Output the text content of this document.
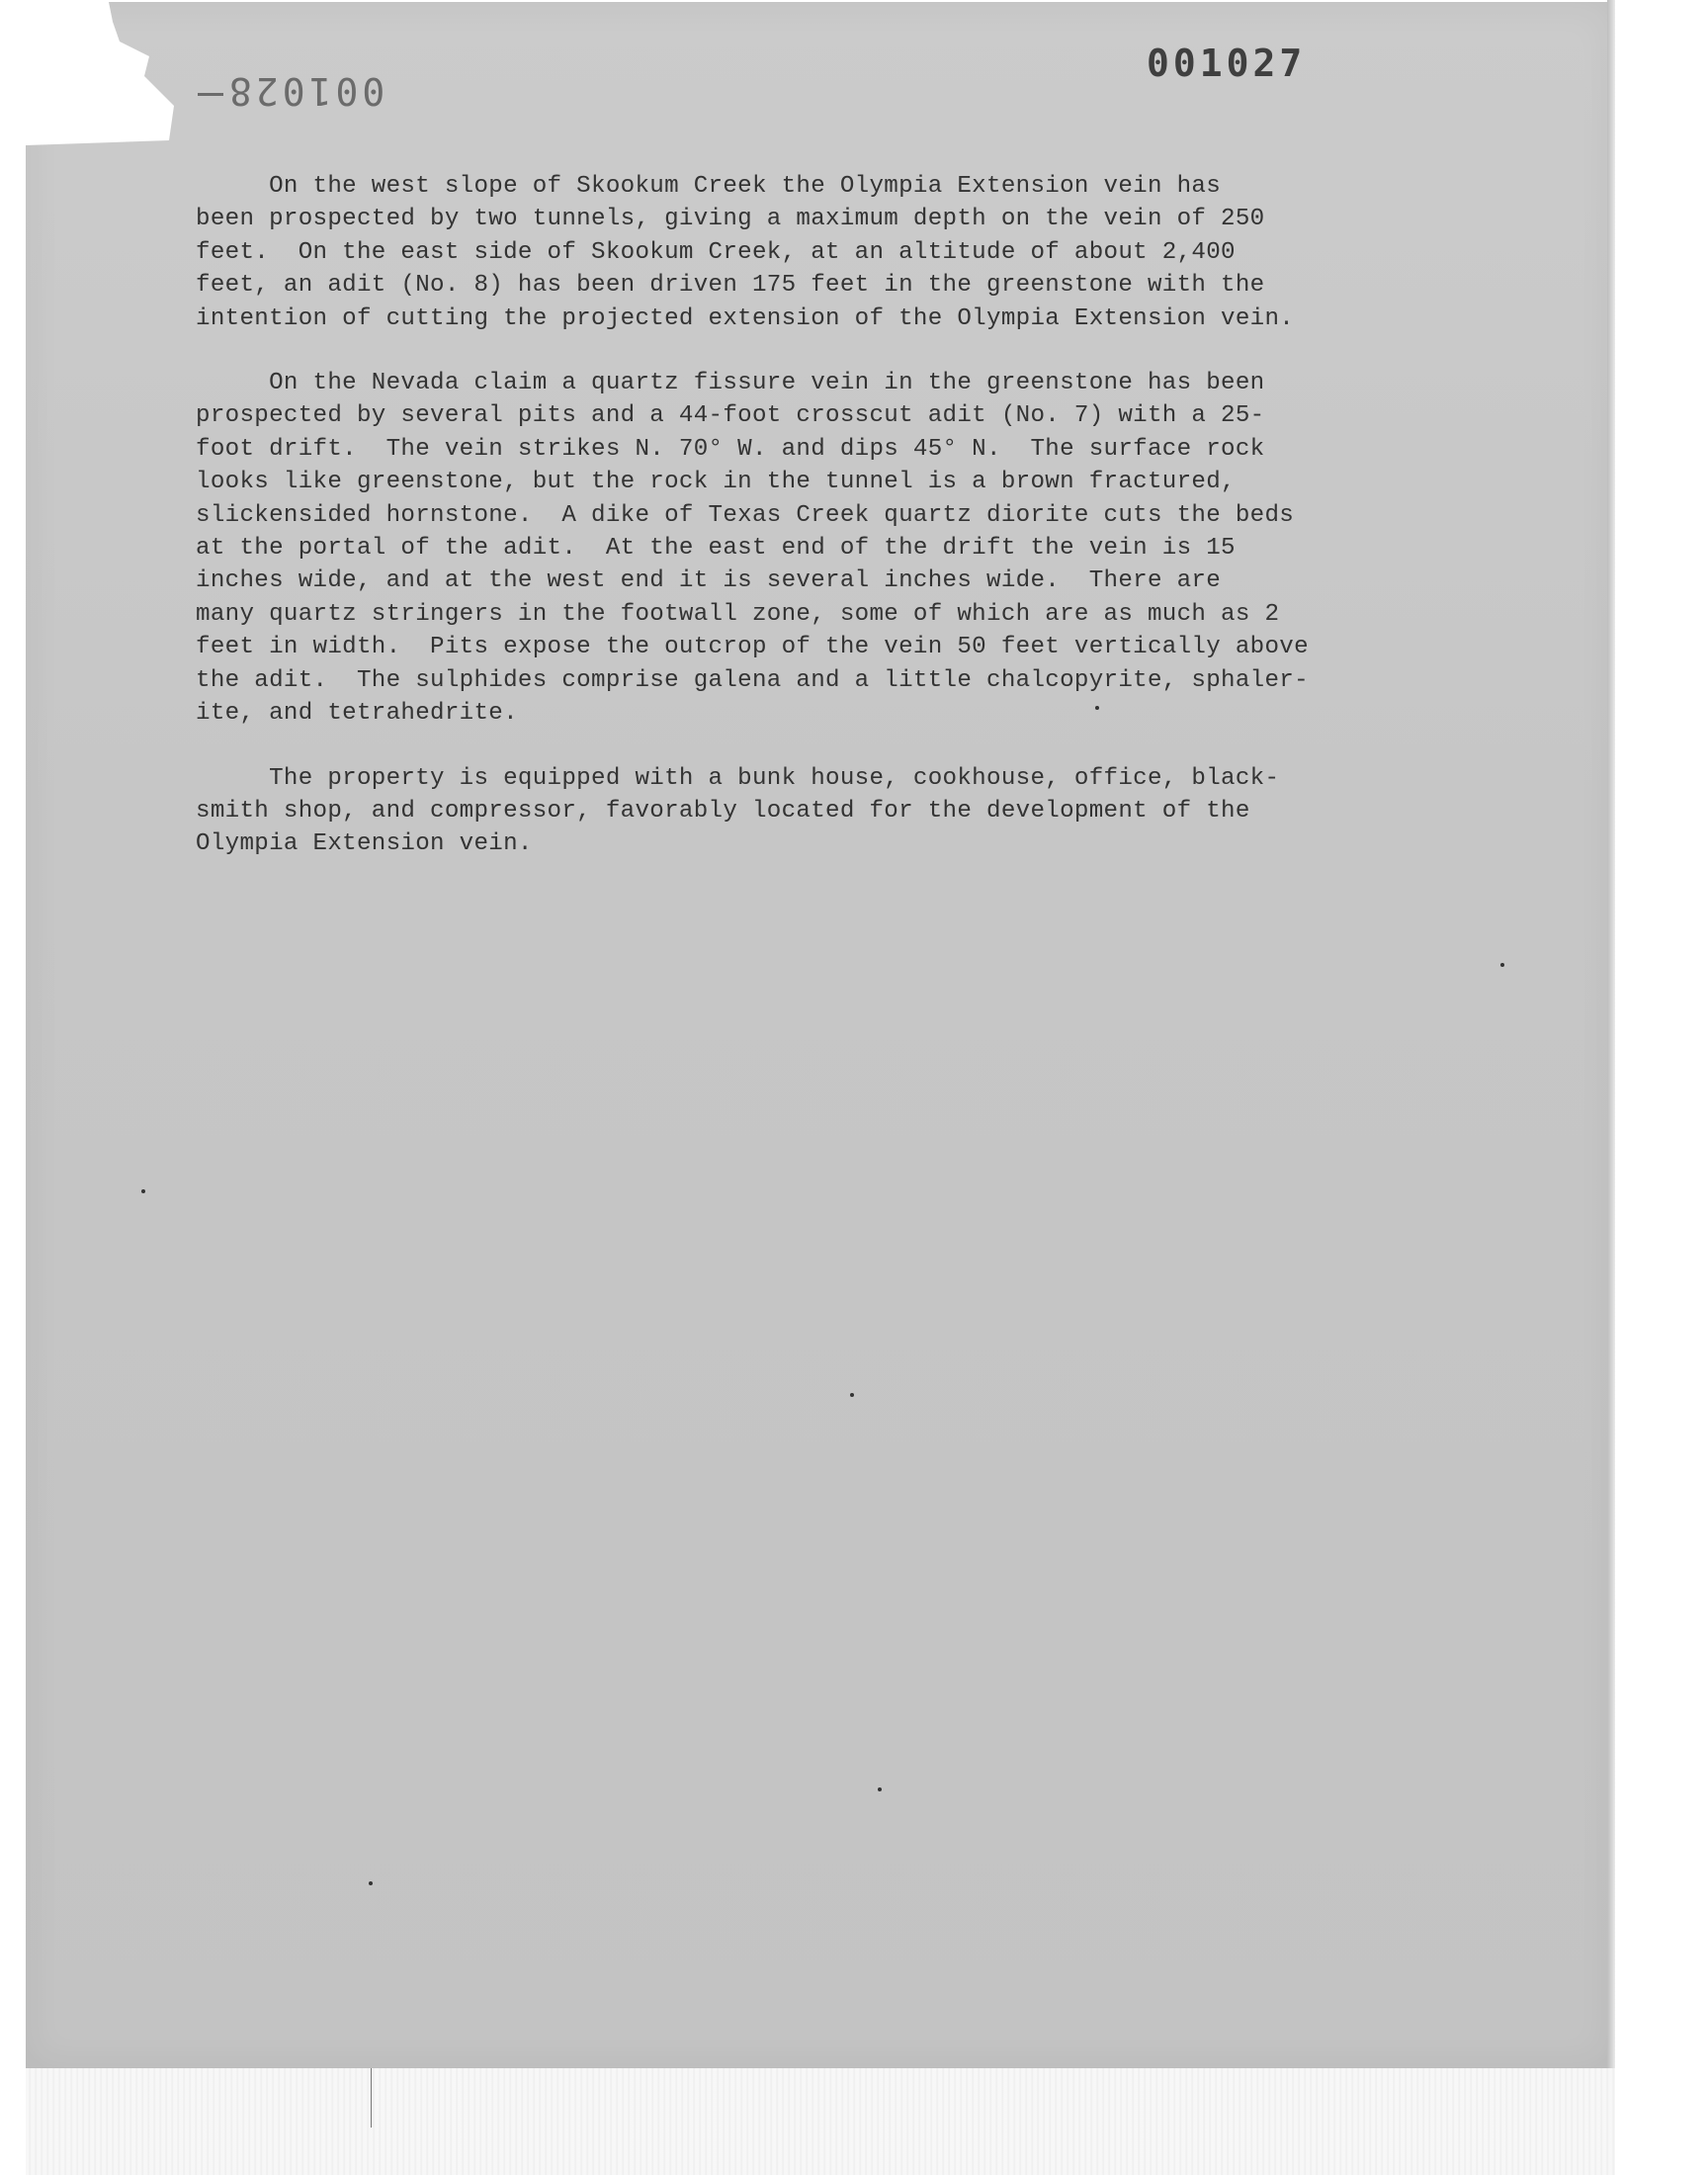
001028
001027
On the west slope of Skookum Creek the Olympia Extension vein has
been prospected by two tunnels, giving a maximum depth on the vein of 250
feet.  On the east side of Skookum Creek, at an altitude of about 2,400
feet, an adit (No. 8) has been driven 175 feet in the greenstone with the
intention of cutting the projected extension of the Olympia Extension vein.
On the Nevada claim a quartz fissure vein in the greenstone has been
prospected by several pits and a 44-foot crosscut adit (No. 7) with a 25-
foot drift.  The vein strikes N. 70° W. and dips 45° N.  The surface rock
looks like greenstone, but the rock in the tunnel is a brown fractured,
slickensided hornstone.  A dike of Texas Creek quartz diorite cuts the beds
at the portal of the adit.  At the east end of the drift the vein is 15
inches wide, and at the west end it is several inches wide.  There are
many quartz stringers in the footwall zone, some of which are as much as 2
feet in width.  Pits expose the outcrop of the vein 50 feet vertically above
the adit.  The sulphides comprise galena and a little chalcopyrite, sphaler-
ite, and tetrahedrite.
The property is equipped with a bunk house, cookhouse, office, black-
smith shop, and compressor, favorably located for the development of the
Olympia Extension vein.
